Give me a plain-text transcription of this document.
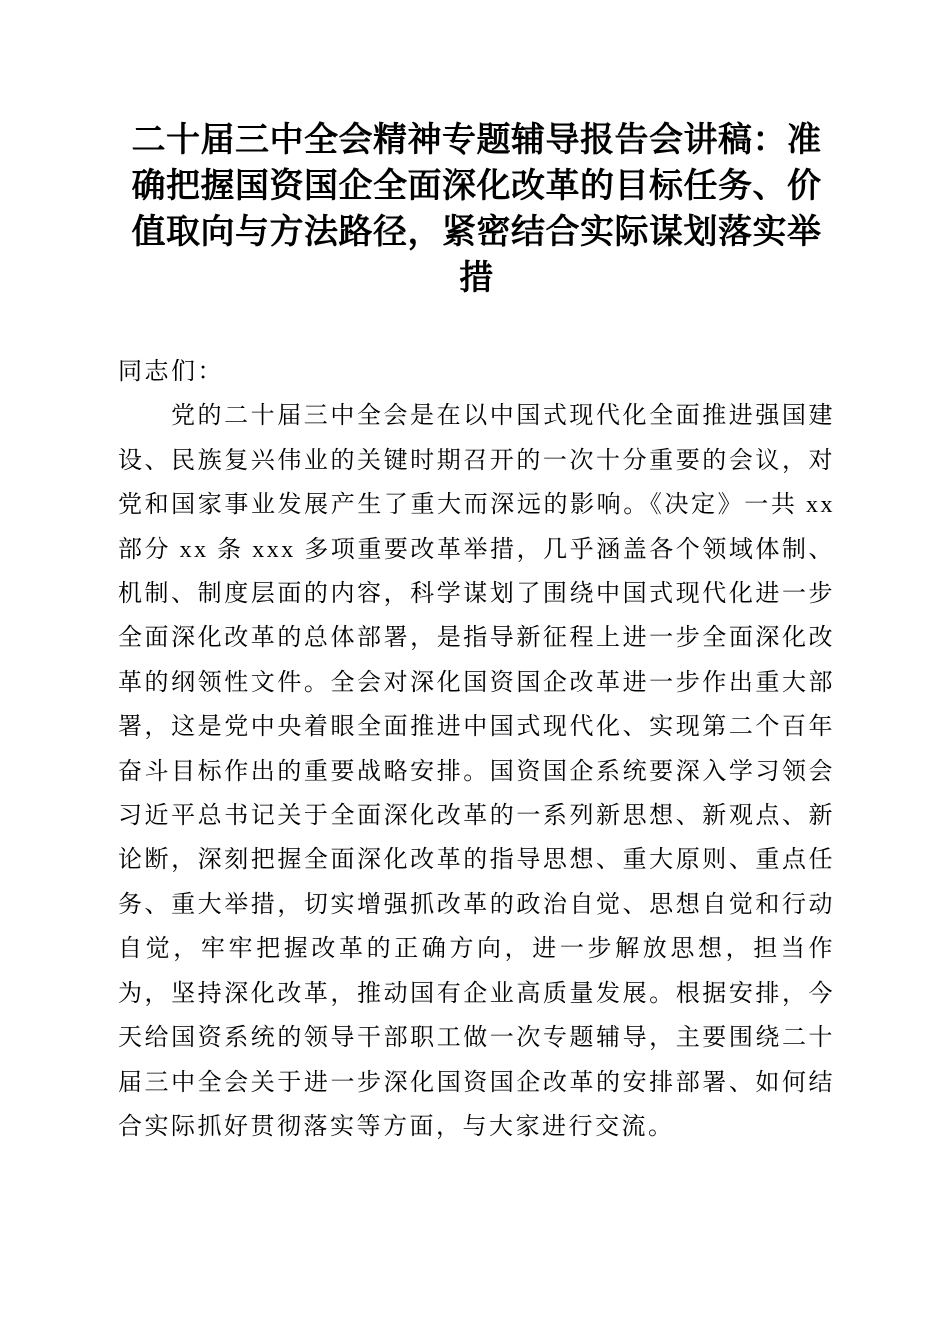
二十届三中全会精神专题辅导报告会讲稿：准确把握国资国企全面深化改革的目标任务、价值取向与方法路径，紧密结合实际谋划落实举措

同志们：

党的二十届三中全会是在以中国式现代化全面推进强国建设、民族复兴伟业的关键时期召开的一次十分重要的会议，对党和国家事业发展产生了重大而深远的影响。《决定》一共 xx 部分 xx 条 xxx 多项重要改革举措，几乎涵盖各个领域体制、机制、制度层面的内容，科学谋划了围绕中国式现代化进一步全面深化改革的总体部署，是指导新征程上进一步全面深化改革的纲领性文件。全会对深化国资国企改革进一步作出重大部署，这是党中央着眼全面推进中国式现代化、实现第二个百年奋斗目标作出的重要战略安排。国资国企系统要深入学习领会习近平总书记关于全面深化改革的一系列新思想、新观点、新论断，深刻把握全面深化改革的指导思想、重大原则、重点任务、重大举措，切实增强抓改革的政治自觉、思想自觉和行动自觉，牢牢把握改革的正确方向，进一步解放思想，担当作为，坚持深化改革，推动国有企业高质量发展。根据安排，今天给国资系统的领导干部职工做一次专题辅导，主要围绕二十届三中全会关于进一步深化国资国企改革的安排部署、如何结合实际抓好贯彻落实等方面，与大家进行交流。
